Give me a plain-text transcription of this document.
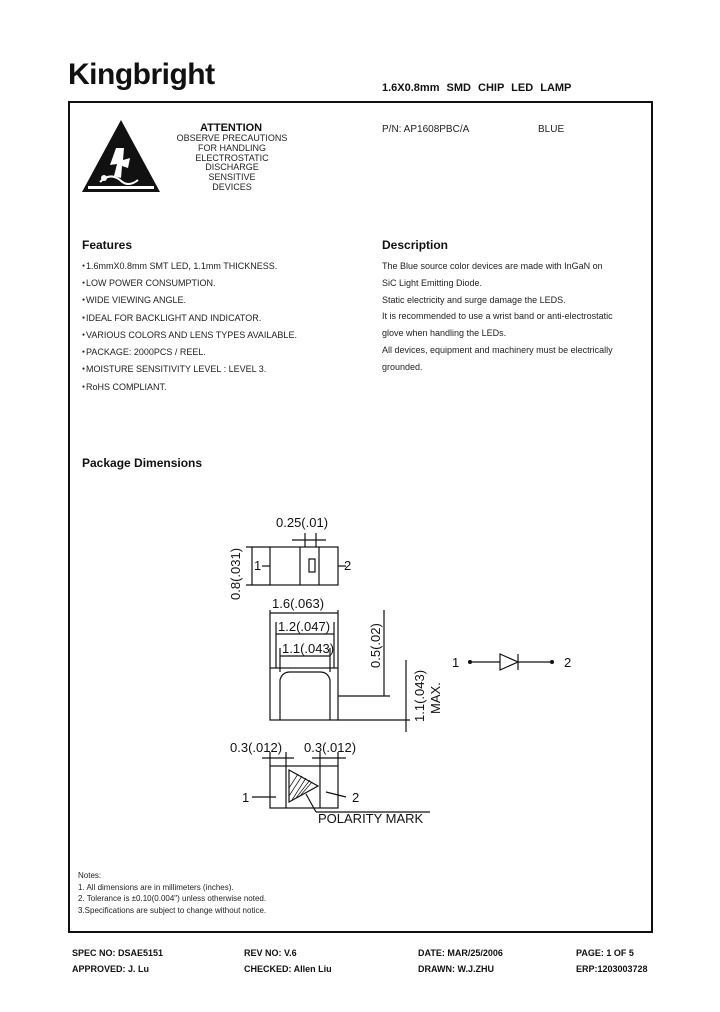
Kingbright	1.6X0.8mm SMD CHIP LED LAMP
ATTENTION
OBSERVE PRECAUTIONS
FOR HANDLING
ELECTROSTATIC
DISCHARGE
SENSITIVE
DEVICES
P/N: AP1608PBC/A	BLUE
Features
● 1.6mmX0.8mm SMT LED, 1.1mm THICKNESS.
● LOW POWER CONSUMPTION.
● WIDE VIEWING ANGLE.
● IDEAL FOR BACKLIGHT AND INDICATOR.
● VARIOUS COLORS AND LENS TYPES AVAILABLE.
● PACKAGE: 2000PCS / REEL.
● MOISTURE SENSITIVITY LEVEL : LEVEL 3.
● RoHS COMPLIANT.
Description
The Blue source color devices are made with InGaN on
SiC Light Emitting Diode.
Static electricity and surge damage the LEDS.
It is recommended to use a wrist band or anti-electrostatic
glove when handling the LEDs.
All devices, equipment and machinery must be electrically
grounded.
Package Dimensions
0.25(.01)
0.8(.031) 1	2
1.6(.063)
1.2(.047)
1.1(.043)	0.5(.02)
1.1(.043) MAX.
0.3(.012) 0.3(.012)
1	2
POLARITY MARK
1	2
Notes:
1. All dimensions are in millimeters (inches).
2. Tolerance is ±0.10(0.004") unless otherwise noted.
3.Specifications are subject to change without notice.
SPEC NO: DSAE5151	REV NO: V.6	DATE: MAR/25/2006	PAGE: 1 OF 5
APPROVED: J. Lu	CHECKED: Allen Liu	DRAWN: W.J.ZHU	ERP:1203003728
